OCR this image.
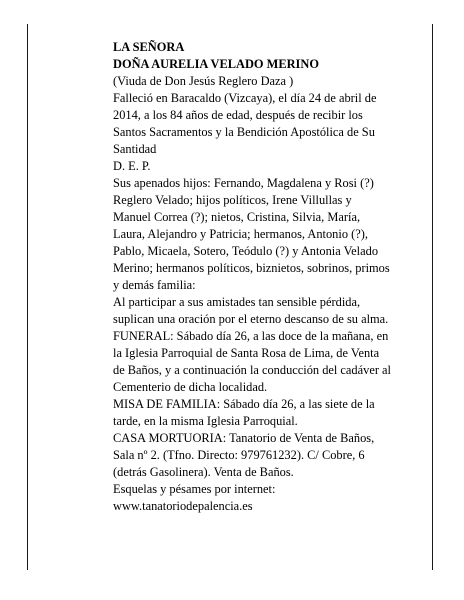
LA SEÑORA

DOÑA AURELIA VELADO MERINO

(Viuda de Don Jesús Reglero Daza )

Falleció en Baracaldo (Vizcaya), el día 24 de abril de

2014, a los 84 años de edad, después de recibir los

Santos Sacramentos y la Bendición Apostólica de Su

Santidad

D. E. P.

Sus apenados hijos: Fernando, Magdalena y Rosi (?)

Reglero Velado; hijos políticos, Irene Villullas y

Manuel Correa (?); nietos, Cristina, Silvia, María,

Laura, Alejandro y Patricia; hermanos, Antonio (?),

Pablo, Micaela, Sotero, Teódulo (?) y Antonia Velado

Merino; hermanos políticos, biznietos, sobrinos, primos

y demás familia:

Al participar a sus amistades tan sensible pérdida,

suplican una oración por el eterno descanso de su alma.

FUNERAL: Sábado día 26, a las doce de la mañana, en

la Iglesia Parroquial de Santa Rosa de Lima, de Venta

de Baños, y a continuación la conducción del cadáver al

Cementerio de dicha localidad.

MISA DE FAMILIA: Sábado día 26, a las siete de la

tarde, en la misma Iglesia Parroquial.

CASA MORTUORIA: Tanatorio de Venta de Baños,

Sala nº 2. (Tfno. Directo: 979761232). C/ Cobre, 6

(detrás Gasolinera). Venta de Baños.

Esquelas y pésames por internet:

www.tanatoriodepalencia.es
